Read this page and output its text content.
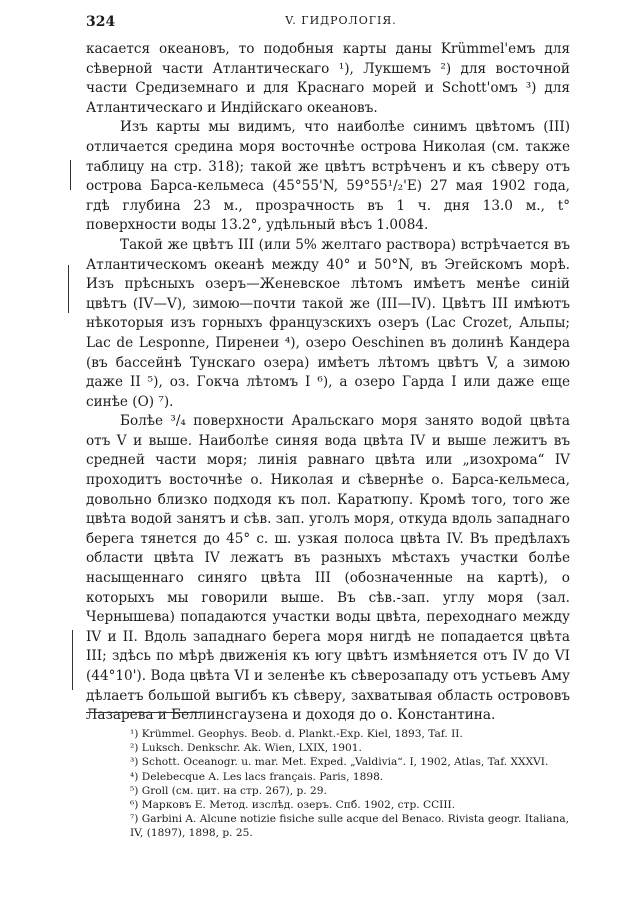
324	V. ГИДРОЛОГІЯ.

касается океановъ, то подобныя карты даны Krümmel'емъ для сѣверной части Атлантическаго ¹), Лукшемъ ²) для восточной части Средиземнаго и для Краснаго морей и Schott'омъ ³) для Атлантическаго и Индійскаго океановъ.

Изъ карты мы видимъ, что наиболѣе синимъ цвѣтомъ (III) отличается средина моря восточнѣе острова Николая (см. также таблицу на стр. 318); такой же цвѣтъ встрѣченъ и къ сѣверу отъ острова Барса-кельмеса (45°55'N, 59°55¹/₂'E) 27 мая 1902 года, гдѣ глубина 23 м., прозрачность въ 1 ч. дня 13.0 м., t° поверхности воды 13.2°, удѣльный вѣсъ 1.0084.

Такой же цвѣтъ III (или 5% желтаго раствора) встрѣчается въ Атлантическомъ океанѣ между 40° и 50°N, въ Эгейскомъ морѣ. Изъ прѣсныхъ озеръ—Женевское лѣтомъ имѣетъ менѣе синій цвѣтъ (IV—V), зимою—почти такой же (III—IV). Цвѣтъ III имѣютъ нѣкоторыя изъ горныхъ французскихъ озеръ (Lac Crozet, Альпы; Lac de Lesponne, Пиренеи ⁴), озеро Oeschinen въ долинѣ Кандера (въ бассейнѣ Тунскаго озера) имѣетъ лѣтомъ цвѣтъ V, а зимою даже II ⁵), оз. Гокча лѣтомъ I ⁶), а озеро Гарда I или даже еще синѣе (O) ⁷).

Болѣе ³/₄ поверхности Аральскаго моря занято водой цвѣта отъ V и выше. Наиболѣе синяя вода цвѣта IV и выше лежитъ въ средней части моря; линія равнаго цвѣта или „изохрома“ IV проходитъ восточнѣе о. Николая и сѣвернѣе о. Барса-кельмеса, довольно близко подходя къ пол. Каратюпу. Кромѣ того, того же цвѣта водой занятъ и сѣв. зап. уголъ моря, откуда вдоль западнаго берега тянется до 45° с. ш. узкая полоса цвѣта IV. Въ предѣлахъ области цвѣта IV лежатъ въ разныхъ мѣстахъ участки болѣе насыщеннаго синяго цвѣта III (обозначенные на картѣ), о которыхъ мы говорили выше. Въ сѣв.-зап. углу моря (зал. Чернышева) попадаются участки воды цвѣта, переходнаго между IV и II. Вдоль западнаго берега моря нигдѣ не попадается цвѣта III; здѣсь по мѣрѣ движенія къ югу цвѣтъ измѣняется отъ IV до VI (44°10'). Вода цвѣта VI и зеленѣе къ сѣверозападу отъ устьевъ Аму дѣлаетъ большой выгибъ къ сѣверу, захватывая область острововъ Лазарева и Беллинсгаузена и доходя до о. Константина.

¹) Krümmel. Geophys. Beob. d. Plankt.-Exp. Kiel, 1893, Taf. II.

²) Luksch. Denkschr. Ak. Wien, LXIX, 1901.

³) Schott. Oceanogr. u. mar. Met. Exped. „Valdivia“. I, 1902, Atlas, Taf. XXXVI.

⁴) Delebecque A. Les lacs français. Paris, 1898.

⁵) Groll (см. цит. на стр. 267), p. 29.

⁶) Марковъ Е. Метод. изслѣд. озеръ. Спб. 1902, стр. CCIII.

⁷) Garbini A. Alcune notizie fisiche sulle acque del Benaco. Rivista geogr. Italiana, IV, (1897), 1898, p. 25.
